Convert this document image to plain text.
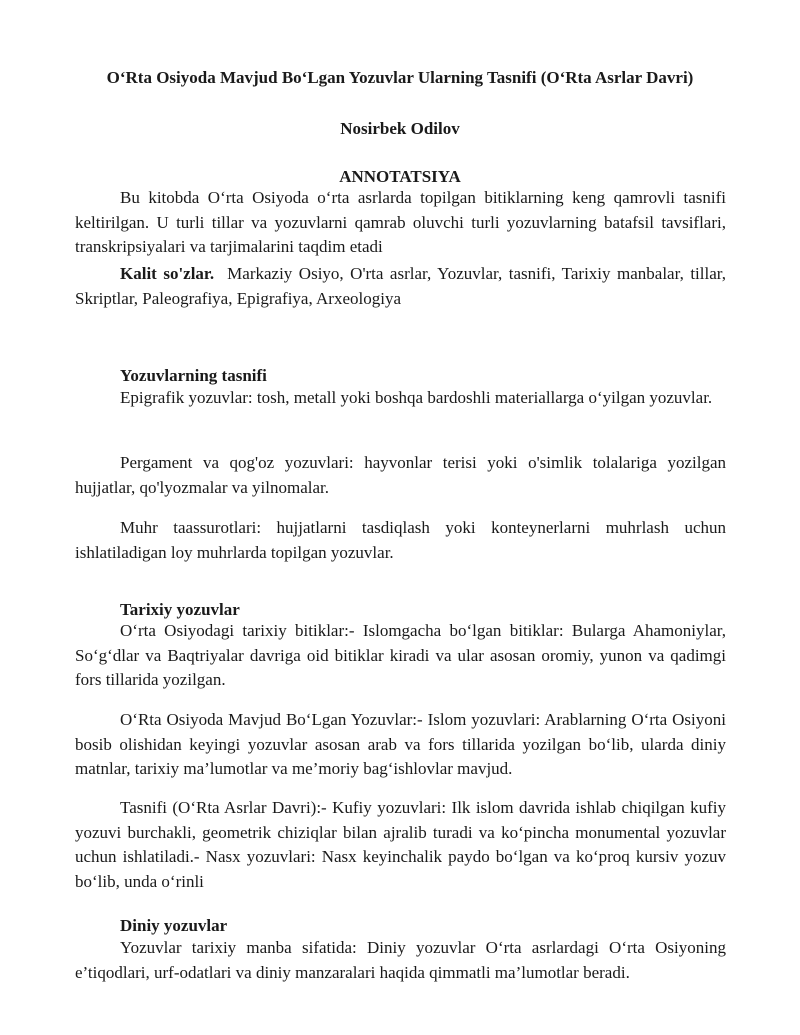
O‘Rta Osiyoda Mavjud Bo‘Lgan Yozuvlar Ularning Tasnifi (O‘Rta Asrlar Davri)

Nosirbek Odilov

ANNOTATSIYA

Bu kitobda O‘rta Osiyoda o‘rta asrlarda topilgan bitiklarning keng qamrovli tasnifi keltirilgan. U turli tillar va yozuvlarni qamrab oluvchi turli yozuvlarning batafsil tavsiflari, transkripsiyalari va tarjimalarini taqdim etadi

Kalit so'zlar. Markaziy Osiyo, O'rta asrlar, Yozuvlar, tasnifi, Tarixiy manbalar, tillar, Skriptlar, Paleografiya, Epigrafiya, Arxeologiya

Yozuvlarning tasnifi

Epigrafik yozuvlar: tosh, metall yoki boshqa bardoshli materiallarga o‘yilgan yozuvlar.

Pergament va qog'oz yozuvlari: hayvonlar terisi yoki o'simlik tolalariga yozilgan hujjatlar, qo'lyozmalar va yilnomalar.

Muhr taassurotlari: hujjatlarni tasdiqlash yoki konteynerlarni muhrlash uchun ishlatiladigan loy muhrlarda topilgan yozuvlar.

Tarixiy yozuvlar

O‘rta Osiyodagi tarixiy bitiklar:- Islomgacha bo‘lgan bitiklar: Bularga Ahamoniylar, So‘g‘dlar va Baqtriyalar davriga oid bitiklar kiradi va ular asosan oromiy, yunon va qadimgi fors tillarida yozilgan.

O‘Rta Osiyoda Mavjud Bo‘Lgan Yozuvlar:- Islom yozuvlari: Arablarning O‘rta Osiyoni bosib olishidan keyingi yozuvlar asosan arab va fors tillarida yozilgan bo‘lib, ularda diniy matnlar, tarixiy ma’lumotlar va me’moriy bag‘ishlovlar mavjud.

Tasnifi (O‘Rta Asrlar Davri):- Kufiy yozuvlari: Ilk islom davrida ishlab chiqilgan kufiy yozuvi burchakli, geometrik chiziqlar bilan ajralib turadi va ko‘pincha monumental yozuvlar uchun ishlatiladi.- Nasx yozuvlari: Nasx keyinchalik paydo bo‘lgan va ko‘proq kursiv yozuv bo‘lib, unda o‘rinli

Diniy yozuvlar

Yozuvlar tarixiy manba sifatida: Diniy yozuvlar O‘rta asrlardagi O‘rta Osiyoning e’tiqodlari, urf-odatlari va diniy manzaralari haqida qimmatli ma’lumotlar beradi.
